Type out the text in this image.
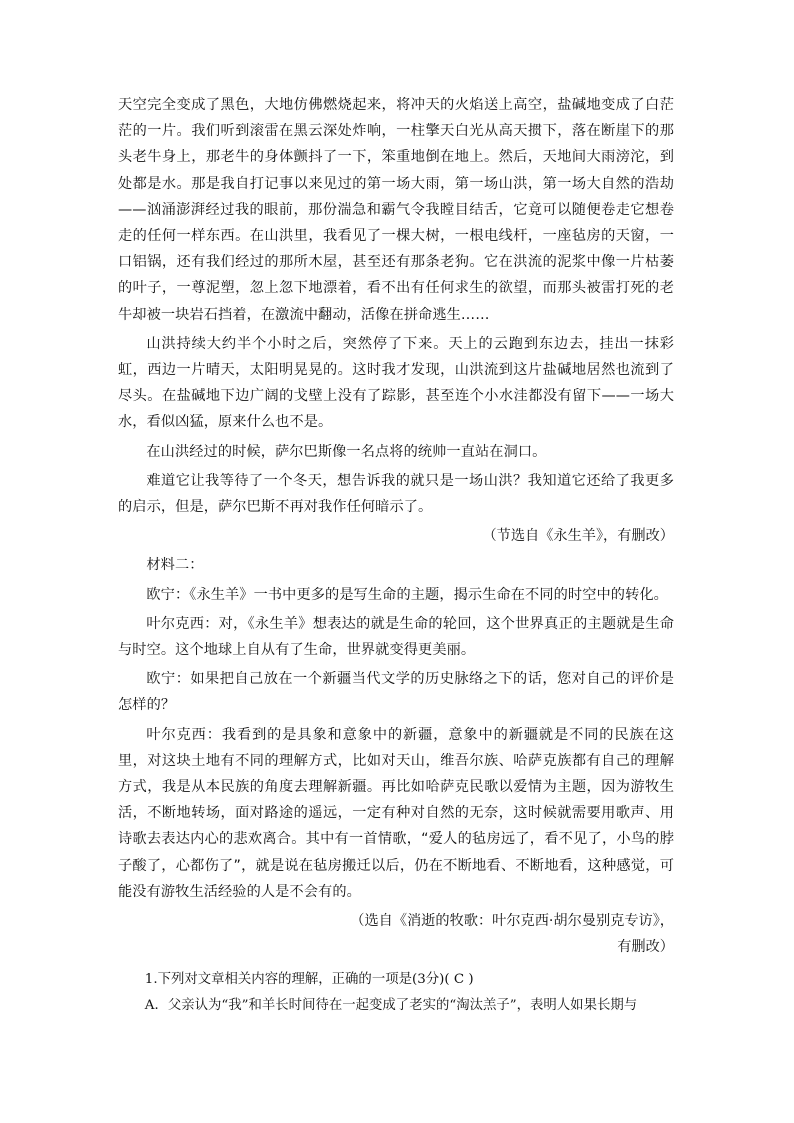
天空完全变成了黑色，大地仿佛燃烧起来，将冲天的火焰送上高空，盐碱地变成了白茫茫的一片。我们听到滚雷在黑云深处炸响，一柱擎天白光从高天掼下，落在断崖下的那头老牛身上，那老牛的身体颤抖了一下，笨重地倒在地上。然后，天地间大雨滂沱，到处都是水。那是我自打记事以来见过的第一场大雨，第一场山洪，第一场大自然的浩劫——汹涌澎湃经过我的眼前，那份湍急和霸气令我瞠目结舌，它竟可以随便卷走它想卷走的任何一样东西。在山洪里，我看见了一棵大树，一根电线杆，一座毡房的天窗，一口铝锅，还有我们经过的那所木屋，甚至还有那条老狗。它在洪流的泥浆中像一片枯萎的叶子，一尊泥塑，忽上忽下地漂着，看不出有任何求生的欲望，而那头被雷打死的老牛却被一块岩石挡着，在激流中翻动，活像在拼命逃生……

山洪持续大约半个小时之后，突然停了下来。天上的云跑到东边去，挂出一抹彩虹，西边一片晴天，太阳明晃晃的。这时我才发现，山洪流到这片盐碱地居然也流到了尽头。在盐碱地下边广阔的戈壁上没有了踪影，甚至连个小水洼都没有留下——一场大水，看似凶猛，原来什么也不是。

在山洪经过的时候，萨尔巴斯像一名点将的统帅一直站在洞口。

难道它让我等待了一个冬天，想告诉我的就只是一场山洪？我知道它还给了我更多的启示，但是，萨尔巴斯不再对我作任何暗示了。

（节选自《永生羊》，有删改）

材料二：

欧宁：《永生羊》一书中更多的是写生命的主题，揭示生命在不同的时空中的转化。

叶尔克西：对，《永生羊》想表达的就是生命的轮回，这个世界真正的主题就是生命与时空。这个地球上自从有了生命，世界就变得更美丽。

欧宁：如果把自己放在一个新疆当代文学的历史脉络之下的话，您对自己的评价是怎样的？

叶尔克西：我看到的是具象和意象中的新疆，意象中的新疆就是不同的民族在这里，对这块土地有不同的理解方式，比如对天山，维吾尔族、哈萨克族都有自己的理解方式，我是从本民族的角度去理解新疆。再比如哈萨克民歌以爱情为主题，因为游牧生活，不断地转场，面对路途的遥远，一定有种对自然的无奈，这时候就需要用歌声、用诗歌去表达内心的悲欢离合。其中有一首情歌，“爱人的毡房远了，看不见了，小鸟的脖子酸了，心都伤了”，就是说在毡房搬迁以后，仍在不断地看、不断地看，这种感觉，可能没有游牧生活经验的人是不会有的。

（选自《消逝的牧歌：叶尔克西·胡尔曼别克专访》，有删改）

1.下列对文章相关内容的理解，正确的一项是(3分)( C )

A．父亲认为“我”和羊长时间待在一起变成了老实的“淘汰羔子”，表明人如果长期与
